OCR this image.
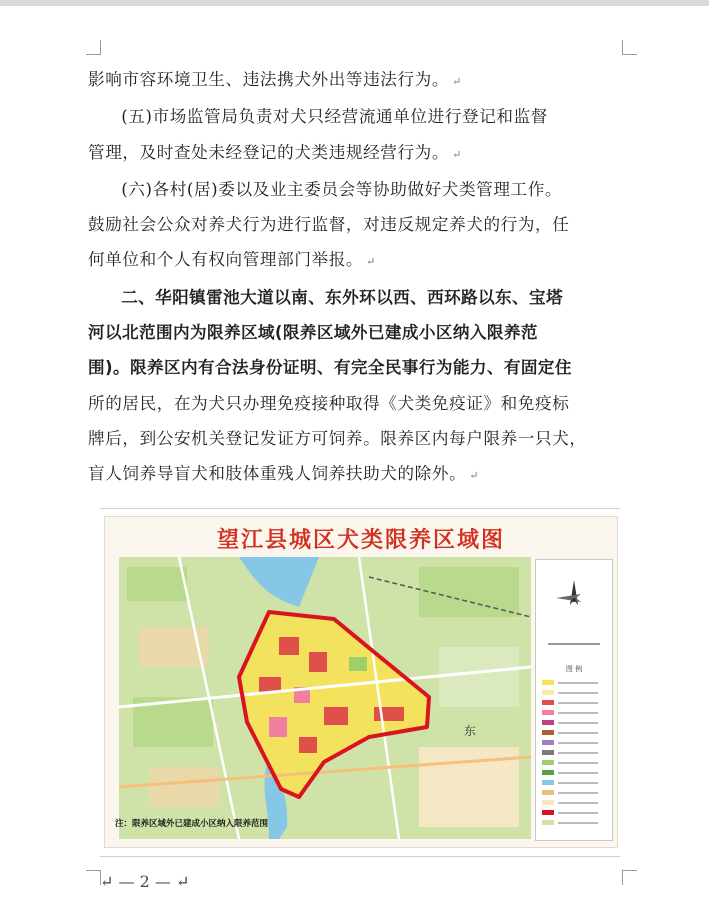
影响市容环境卫生、违法携犬外出等违法行为。 ↵

(五)市场监管局负责对犬只经营流通单位进行登记和监督

管理，及时查处未经登记的犬类违规经营行为。 ↵

(六)各村(居)委以及业主委员会等协助做好犬类管理工作。

鼓励社会公众对养犬行为进行监督，对违反规定养犬的行为，任

何单位和个人有权向管理部门举报。 ↵

二、华阳镇雷池大道以南、东外环以西、西环路以东、宝塔

河以北范围内为限养区域(限养区域外已建成小区纳入限养范

围)。限养区内有合法身份证明、有完全民事行为能力、有固定住

所的居民，在为犬只办理免疫接种取得《犬类免疫证》和免疫标

牌后，到公安机关登记发证方可饲养。限养区内每户限养一只犬，

盲人饲养导盲犬和肢体重残人饲养扶助犬的除外。 ↵

望江县城区犬类限养区域图
东
图 例
注：限养区域外已建成小区纳入限养范围
↵ — 2 — ↵
